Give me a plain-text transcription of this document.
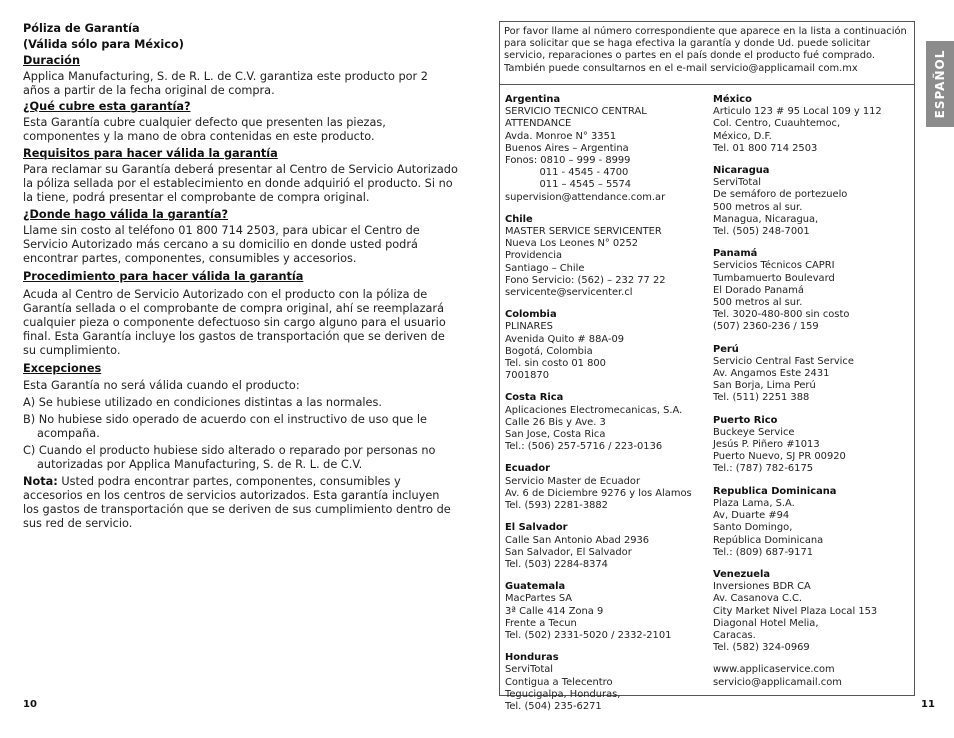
Póliza de Garantía

(Válida sólo para México)

Duración

Applica Manufacturing, S. de R. L. de C.V. garantiza este producto por 2 años a partir de la fecha original de compra.

¿Qué cubre esta garantía?

Esta Garantía cubre cualquier defecto que presenten las piezas, componentes y la mano de obra contenidas en este producto.

Requisitos para hacer válida la garantía

Para reclamar su Garantía deberá presentar al Centro de Servicio Autorizado la póliza sellada por el establecimiento en donde adquirió el producto. Si no la tiene, podrá presentar el comprobante de compra original.

¿Donde hago válida la garantía?

Llame sin costo al teléfono 01 800 714 2503, para ubicar el Centro de Servicio Autorizado más cercano a su domicilio en donde usted podrá encontrar partes, componentes, consumibles y accesorios.

Procedimiento para hacer válida la garantía

Acuda al Centro de Servicio Autorizado con el producto con la póliza de Garantía sellada o el comprobante de compra original, ahí se reemplazará cualquier pieza o componente defectuoso sin cargo alguno para el usuario final. Esta Garantía incluye los gastos de transportación que se deriven de su cumplimiento.

Excepciones

Esta Garantía no será válida cuando el producto:

A) Se hubiese utilizado en condiciones distintas a las normales.

B) No hubiese sido operado de acuerdo con el instructivo de uso que le acompaña.

C) Cuando el producto hubiese sido alterado o reparado por personas no autorizadas por Applica Manufacturing, S. de R. L. de C.V.

Nota: Usted podra encontrar partes, componentes, consumibles y accesorios en los centros de servicios autorizados. Esta garantía incluyen los gastos de transportación que se deriven de sus cumplimiento dentro de sus red de servicio.

Por favor llame al número correspondiente que aparece en la lista a continuación para solicitar que se haga efectiva la garantía y donde Ud. puede solicitar servicio, reparaciones o partes en el país donde el producto fué comprado. También puede consultarnos en el e-mail servicio@applicamail com.mx
Argentina
SERVICIO TECNICO CENTRAL
ATTENDANCE
Avda. Monroe N° 3351
Buenos Aires – Argentina
Fonos: 0810 – 999 - 8999
011 - 4545 - 4700
011 – 4545 – 5574
supervision@attendance.com.ar
Chile
MASTER SERVICE SERVICENTER
Nueva Los Leones N° 0252
Providencia
Santiago – Chile
Fono Servicio: (562) – 232 77 22
servicente@servicenter.cl
Colombia
PLINARES
Avenida Quito # 88A-09
Bogotá, Colombia
Tel. sin costo 01 800
7001870
Costa Rica
Aplicaciones Electromecanicas, S.A.
Calle 26 Bis y Ave. 3
San Jose, Costa Rica
Tel.: (506) 257-5716 / 223-0136
Ecuador
Servicio Master de Ecuador
Av. 6 de Diciembre 9276 y los Alamos
Tel. (593) 2281-3882
El Salvador
Calle San Antonio Abad 2936
San Salvador, El Salvador
Tel. (503) 2284-8374
Guatemala
MacPartes SA
3ª Calle 414 Zona 9
Frente a Tecun
Tel. (502) 2331-5020 / 2332-2101
Honduras
ServiTotal
Contigua a Telecentro
Tegucigalpa, Honduras,
Tel. (504) 235-6271
México
Articulo 123 # 95 Local 109 y 112
Col. Centro, Cuauhtemoc,
México, D.F.
Tel. 01 800 714 2503
Nicaragua
ServiTotal
De semáforo de portezuelo
500 metros al sur.
Managua, Nicaragua,
Tel. (505) 248-7001
Panamá
Servicios Técnicos CAPRI
Tumbamuerto Boulevard
El Dorado Panamá
500 metros al sur.
Tel. 3020-480-800 sin costo
(507) 2360-236 / 159
Perú
Servicio Central Fast Service
Av. Angamos Este 2431
San Borja, Lima Perú
Tel. (511) 2251 388
Puerto Rico
Buckeye Service
Jesús P. Piñero #1013
Puerto Nuevo, SJ PR 00920
Tel.: (787) 782-6175
Republica Dominicana
Plaza Lama, S.A.
Av, Duarte #94
Santo Domingo,
República Dominicana
Tel.: (809) 687-9171
Venezuela
Inversiones BDR CA
Av. Casanova C.C.
City Market Nivel Plaza Local 153
Diagonal Hotel Melia,
Caracas.
Tel. (582) 324-0969
www.applicaservice.com
servicio@applicamail.com
ESPAÑOL
10	11
